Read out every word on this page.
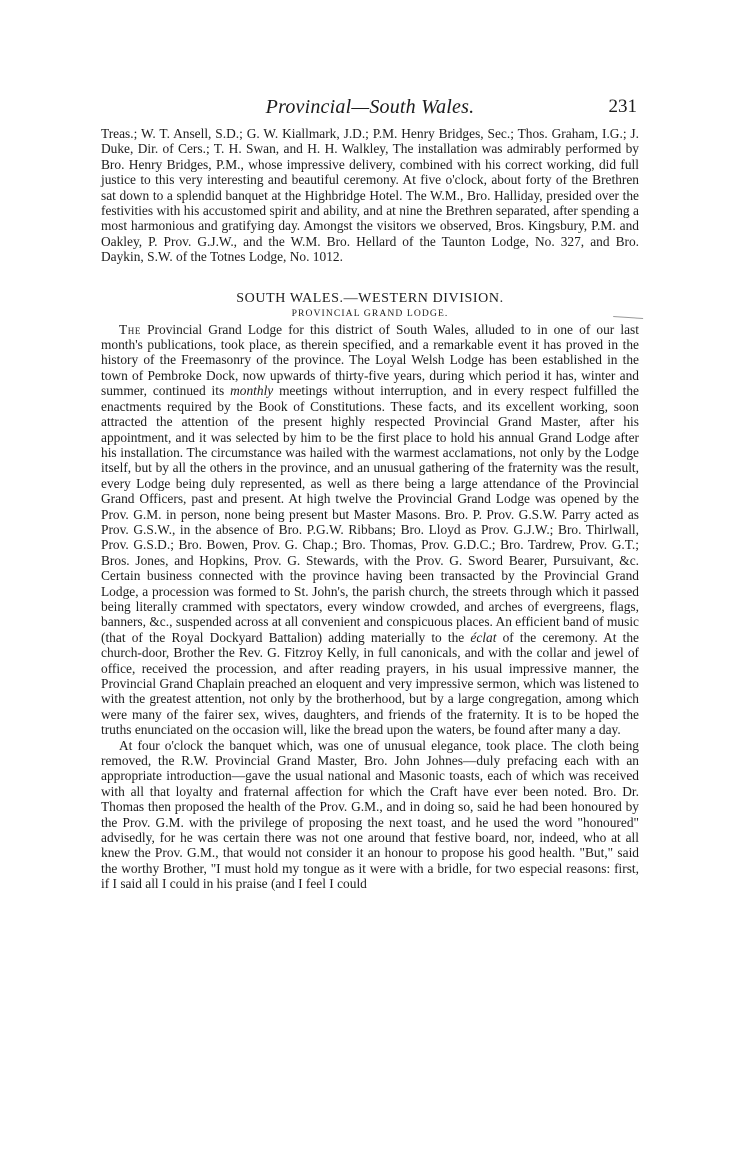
Provincial—South Wales.	231

Treas.; W. T. Ansell, S.D.; G. W. Kiallmark, J.D.; P.M. Henry Bridges, Sec.; Thos. Graham, I.G.; J. Duke, Dir. of Cers.; T. H. Swan, and H. H. Walkley, The installation was admirably performed by Bro. Henry Bridges, P.M., whose impressive delivery, combined with his correct working, did full justice to this very interesting and beautiful ceremony. At five o'clock, about forty of the Brethren sat down to a splendid banquet at the Highbridge Hotel. The W.M., Bro. Halliday, presided over the festivities with his accustomed spirit and ability, and at nine the Brethren separated, after spending a most harmonious and gratifying day. Amongst the visitors we observed, Bros. Kingsbury, P.M. and Oakley, P. Prov. G.J.W., and the W.M. Bro. Hellard of the Taunton Lodge, No. 327, and Bro. Daykin, S.W. of the Totnes Lodge, No. 1012.

SOUTH WALES.—WESTERN DIVISION.
PROVINCIAL GRAND LODGE.

The Provincial Grand Lodge for this district of South Wales, alluded to in one of our last month's publications, took place, as therein specified, and a remarkable event it has proved in the history of the Freemasonry of the province. The Loyal Welsh Lodge has been established in the town of Pembroke Dock, now upwards of thirty-five years, during which period it has, winter and summer, continued its monthly meetings without interruption, and in every respect fulfilled the enactments required by the Book of Constitutions. These facts, and its excellent working, soon attracted the attention of the present highly respected Provincial Grand Master, after his appointment, and it was selected by him to be the first place to hold his annual Grand Lodge after his installation. The circumstance was hailed with the warmest acclamations, not only by the Lodge itself, but by all the others in the province, and an unusual gathering of the fraternity was the result, every Lodge being duly represented, as well as there being a large attendance of the Provincial Grand Officers, past and present. At high twelve the Provincial Grand Lodge was opened by the Prov. G.M. in person, none being present but Master Masons. Bro. P. Prov. G.S.W. Parry acted as Prov. G.S.W., in the absence of Bro. P.G.W. Ribbans; Bro. Lloyd as Prov. G.J.W.; Bro. Thirlwall, Prov. G.S.D.; Bro. Bowen, Prov. G. Chap.; Bro. Thomas, Prov. G.D.C.; Bro. Tardrew, Prov. G.T.; Bros. Jones, and Hopkins, Prov. G. Stewards, with the Prov. G. Sword Bearer, Pursuivant, &c. Certain business connected with the province having been transacted by the Provincial Grand Lodge, a procession was formed to St. John's, the parish church, the streets through which it passed being literally crammed with spectators, every window crowded, and arches of evergreens, flags, banners, &c., suspended across at all convenient and conspicuous places. An efficient band of music (that of the Royal Dockyard Battalion) adding materially to the éclat of the ceremony. At the church-door, Brother the Rev. G. Fitzroy Kelly, in full canonicals, and with the collar and jewel of office, received the procession, and after reading prayers, in his usual impressive manner, the Provincial Grand Chaplain preached an eloquent and very impressive sermon, which was listened to with the greatest attention, not only by the brotherhood, but by a large congregation, among which were many of the fairer sex, wives, daughters, and friends of the fraternity. It is to be hoped the truths enunciated on the occasion will, like the bread upon the waters, be found after many a day.

At four o'clock the banquet which, was one of unusual elegance, took place. The cloth being removed, the R.W. Provincial Grand Master, Bro. John Johnes—duly prefacing each with an appropriate introduction—gave the usual national and Masonic toasts, each of which was received with all that loyalty and fraternal affection for which the Craft have ever been noted. Bro. Dr. Thomas then proposed the health of the Prov. G.M., and in doing so, said he had been honoured by the Prov. G.M. with the privilege of proposing the next toast, and he used the word "honoured" advisedly, for he was certain there was not one around that festive board, nor, indeed, who at all knew the Prov. G.M., that would not consider it an honour to propose his good health. "But," said the worthy Brother, "I must hold my tongue as it were with a bridle, for two especial reasons: first, if I said all I could in his praise (and I feel I could
